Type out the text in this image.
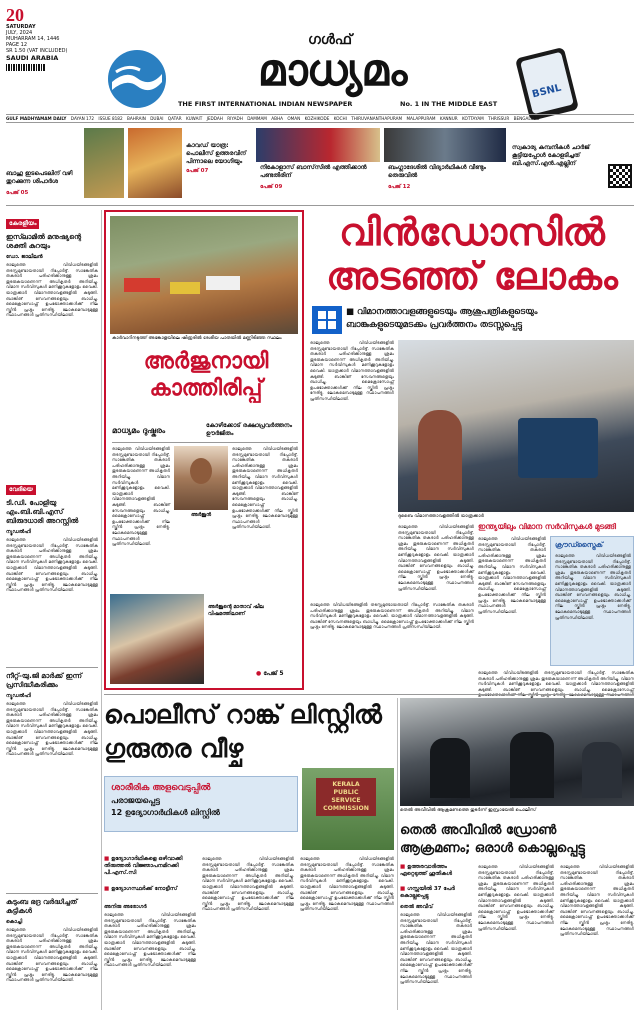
20
SATURDAY
JULY, 2024
MUHARRAM 14, 1446
PAGE 12
SR 1.50 (VAT INCLUDED)
SAUDI ARABIA
ഗൾഫ്
മാധ്യമം
THE FIRST INTERNATIONAL INDIAN NEWSPAPER	No. 1 IN THE MIDDLE EAST
BSNL
GULF MADHYAMAM DAILY DAYAN 172 ISSUE 8182 BAHRAIN DUBAI QATAR KUWAIT JEDDAH RIYADH DAMMAM ABHA OMAN KOZHIKODE KOCHI THIRUVANANTHAPURAM MALAPPURAM KANNUR KOTTAYAM THRISSUR BENGALURU
ബാഹു ഇടപെടലിന് വഴി തുറക്കുന്ന ശിപാർശ
പേജ് 05
കാവഡ് യാത്ര: പൊലീസ് ഉത്തരവിന് പിന്നാലെ യോഗിയും
പേജ് 07	നികോളാസ് ബാസ്‌സിൽ എത്തിക്കാൻ പണ്ടതിരിന്
പേജ് 09
ബംഗ്ലാദേശിൽ വിദ്യാർഥികൾ വീണ്ടും തെരുവിൽ
പേജ് 12
സ്വകാര്യ കമ്പനികൾ ചാർജ് കൂട്ടിയപ്പോൾ കോളടിച്ചത് ബി.എസ്.എൻ.എല്ലിന്
കേരളീയം
ഇസ്‍ലാമിൽ മനുഷ്യന്റെ ശക്തി കുറയും
ഡോ. ജാലീലൻ
രാജ്യത്തെ വിവിധയിടങ്ങളിൽ തടസ്സമുണ്ടായതായി റിപ്പോർട്ട്. സാങ്കേതിക തകരാർ പരിഹരിക്കാനുള്ള ശ്രമം തുടരുകയാണെന്ന് അധികൃതർ അറിയിച്ചു. വിമാന സർവിസുകൾ മണിക്കൂറുകളോളം വൈകി. യാത്രക്കാർ വിമാനത്താവളങ്ങളിൽ കുടുങ്ങി. ബാങ്കിങ് സേവനങ്ങളെയും ബാധിച്ചു. മൈക്രോസോഫ്റ്റ് ഉപഭോക്താക്കൾക്ക് നീല സ്ക്രീൻ പ്രശ്നം നേരിട്ടു. ലോകമെമ്പാടുമുള്ള സ്ഥാപനങ്ങൾ പ്രതിസന്ധിയിലായി.
വേദിയെ
ടി.ഡി. പോളിയു എം.ബി.ബി.എസ് ബിരുദധാരി അറസ്റ്റിൽ
ന്യൂഡൽഹി
രാജ്യത്തെ വിവിധയിടങ്ങളിൽ തടസ്സമുണ്ടായതായി റിപ്പോർട്ട്. സാങ്കേതിക തകരാർ പരിഹരിക്കാനുള്ള ശ്രമം തുടരുകയാണെന്ന് അധികൃതർ അറിയിച്ചു. വിമാന സർവിസുകൾ മണിക്കൂറുകളോളം വൈകി. യാത്രക്കാർ വിമാനത്താവളങ്ങളിൽ കുടുങ്ങി. ബാങ്കിങ് സേവനങ്ങളെയും ബാധിച്ചു. മൈക്രോസോഫ്റ്റ് ഉപഭോക്താക്കൾക്ക് നീല സ്ക്രീൻ പ്രശ്നം നേരിട്ടു. ലോകമെമ്പാടുമുള്ള സ്ഥാപനങ്ങൾ പ്രതിസന്ധിയിലായി.
നീറ്റ്-യു.ജി മാർക്ക് ഇന്ന് പ്രസിദ്ധീകരിക്കും
ന്യൂഡൽഹി
രാജ്യത്തെ വിവിധയിടങ്ങളിൽ തടസ്സമുണ്ടായതായി റിപ്പോർട്ട്. സാങ്കേതിക തകരാർ പരിഹരിക്കാനുള്ള ശ്രമം തുടരുകയാണെന്ന് അധികൃതർ അറിയിച്ചു. വിമാന സർവിസുകൾ മണിക്കൂറുകളോളം വൈകി. യാത്രക്കാർ വിമാനത്താവളങ്ങളിൽ കുടുങ്ങി. ബാങ്കിങ് സേവനങ്ങളെയും ബാധിച്ചു. മൈക്രോസോഫ്റ്റ് ഉപഭോക്താക്കൾക്ക് നീല സ്ക്രീൻ പ്രശ്നം നേരിട്ടു. ലോകമെമ്പാടുമുള്ള സ്ഥാപനങ്ങൾ പ്രതിസന്ധിയിലായി.
കുടുംബ ഭദ്ര വർദ്ധിച്ചത് കുട്ടികൾ
കൊച്ചി
രാജ്യത്തെ വിവിധയിടങ്ങളിൽ തടസ്സമുണ്ടായതായി റിപ്പോർട്ട്. സാങ്കേതിക തകരാർ പരിഹരിക്കാനുള്ള ശ്രമം തുടരുകയാണെന്ന് അധികൃതർ അറിയിച്ചു. വിമാന സർവിസുകൾ മണിക്കൂറുകളോളം വൈകി. യാത്രക്കാർ വിമാനത്താവളങ്ങളിൽ കുടുങ്ങി. ബാങ്കിങ് സേവനങ്ങളെയും ബാധിച്ചു. മൈക്രോസോഫ്റ്റ് ഉപഭോക്താക്കൾക്ക് നീല സ്ക്രീൻ പ്രശ്നം നേരിട്ടു. ലോകമെമ്പാടുമുള്ള സ്ഥാപനങ്ങൾ പ്രതിസന്ധിയിലായി.
കാർവാറിനടുത്ത് അങ്കോളയിലെ ഷിരൂരിൽ ദേശീയ പാതയിൽ മണ്ണിടിഞ്ഞ സ്ഥലം
അർജുനായി കാത്തിരിപ്പ്
മാധ്യമം ദുഷ്കരം
കോഴിക്കോട് രക്ഷാപ്രവർത്തനം ഊർജിതം
രാജ്യത്തെ വിവിധയിടങ്ങളിൽ തടസ്സമുണ്ടായതായി റിപ്പോർട്ട്. സാങ്കേതിക തകരാർ പരിഹരിക്കാനുള്ള ശ്രമം തുടരുകയാണെന്ന് അധികൃതർ അറിയിച്ചു. വിമാന സർവിസുകൾ മണിക്കൂറുകളോളം വൈകി. യാത്രക്കാർ വിമാനത്താവളങ്ങളിൽ കുടുങ്ങി. ബാങ്കിങ് സേവനങ്ങളെയും ബാധിച്ചു. മൈക്രോസോഫ്റ്റ് ഉപഭോക്താക്കൾക്ക് നീല സ്ക്രീൻ പ്രശ്നം നേരിട്ടു. ലോകമെമ്പാടുമുള്ള സ്ഥാപനങ്ങൾ പ്രതിസന്ധിയിലായി.
അർജുൻ
രാജ്യത്തെ വിവിധയിടങ്ങളിൽ തടസ്സമുണ്ടായതായി റിപ്പോർട്ട്. സാങ്കേതിക തകരാർ പരിഹരിക്കാനുള്ള ശ്രമം തുടരുകയാണെന്ന് അധികൃതർ അറിയിച്ചു. വിമാന സർവിസുകൾ മണിക്കൂറുകളോളം വൈകി. യാത്രക്കാർ വിമാനത്താവളങ്ങളിൽ കുടുങ്ങി. ബാങ്കിങ് സേവനങ്ങളെയും ബാധിച്ചു. മൈക്രോസോഫ്റ്റ് ഉപഭോക്താക്കൾക്ക് നീല സ്ക്രീൻ പ്രശ്നം നേരിട്ടു. ലോകമെമ്പാടുമുള്ള സ്ഥാപനങ്ങൾ പ്രതിസന്ധിയിലായി.
അർജുന്റെ മാതാവ് ഷീല വിഷമത്തിലാണ്
● പേജ് 5
വിൻഡോസിൽ
അടഞ്ഞ് ലോകം
■ വിമാനത്താവളങ്ങളുടെയും ആശുപത്രികളുടെയും
ബാങ്കുകളുടെയുമടക്കം പ്രവർത്തനം തടസ്സപ്പെട്ടു
രാജ്യത്തെ വിവിധയിടങ്ങളിൽ തടസ്സമുണ്ടായതായി റിപ്പോർട്ട്. സാങ്കേതിക തകരാർ പരിഹരിക്കാനുള്ള ശ്രമം തുടരുകയാണെന്ന് അധികൃതർ അറിയിച്ചു. വിമാന സർവിസുകൾ മണിക്കൂറുകളോളം വൈകി. യാത്രക്കാർ വിമാനത്താവളങ്ങളിൽ കുടുങ്ങി. ബാങ്കിങ് സേവനങ്ങളെയും ബാധിച്ചു. മൈക്രോസോഫ്റ്റ് ഉപഭോക്താക്കൾക്ക് നീല സ്ക്രീൻ പ്രശ്നം നേരിട്ടു. ലോകമെമ്പാടുമുള്ള സ്ഥാപനങ്ങൾ പ്രതിസന്ധിയിലായി.
ദുബൈ വിമാനത്താവളത്തിൽ യാത്രക്കാർ
രാജ്യത്തെ വിവിധയിടങ്ങളിൽ തടസ്സമുണ്ടായതായി റിപ്പോർട്ട്. സാങ്കേതിക തകരാർ പരിഹരിക്കാനുള്ള ശ്രമം തുടരുകയാണെന്ന് അധികൃതർ അറിയിച്ചു. വിമാന സർവിസുകൾ മണിക്കൂറുകളോളം വൈകി. യാത്രക്കാർ വിമാനത്താവളങ്ങളിൽ കുടുങ്ങി. ബാങ്കിങ് സേവനങ്ങളെയും ബാധിച്ചു. മൈക്രോസോഫ്റ്റ് ഉപഭോക്താക്കൾക്ക് നീല സ്ക്രീൻ പ്രശ്നം നേരിട്ടു. ലോകമെമ്പാടുമുള്ള സ്ഥാപനങ്ങൾ പ്രതിസന്ധിയിലായി.
ഇന്ത്യയിലും വിമാന സർവിസുകൾ മുടങ്ങി
രാജ്യത്തെ വിവിധയിടങ്ങളിൽ തടസ്സമുണ്ടായതായി റിപ്പോർട്ട്. സാങ്കേതിക തകരാർ പരിഹരിക്കാനുള്ള ശ്രമം തുടരുകയാണെന്ന് അധികൃതർ അറിയിച്ചു. വിമാന സർവിസുകൾ മണിക്കൂറുകളോളം വൈകി. യാത്രക്കാർ വിമാനത്താവളങ്ങളിൽ കുടുങ്ങി. ബാങ്കിങ് സേവനങ്ങളെയും ബാധിച്ചു. മൈക്രോസോഫ്റ്റ് ഉപഭോക്താക്കൾക്ക് നീല സ്ക്രീൻ പ്രശ്നം നേരിട്ടു. ലോകമെമ്പാടുമുള്ള സ്ഥാപനങ്ങൾ പ്രതിസന്ധിയിലായി.
ക്രൗഡ്സ്ട്രൈക്
രാജ്യത്തെ വിവിധയിടങ്ങളിൽ തടസ്സമുണ്ടായതായി റിപ്പോർട്ട്. സാങ്കേതിക തകരാർ പരിഹരിക്കാനുള്ള ശ്രമം തുടരുകയാണെന്ന് അധികൃതർ അറിയിച്ചു. വിമാന സർവിസുകൾ മണിക്കൂറുകളോളം വൈകി. യാത്രക്കാർ വിമാനത്താവളങ്ങളിൽ കുടുങ്ങി. ബാങ്കിങ് സേവനങ്ങളെയും ബാധിച്ചു. മൈക്രോസോഫ്റ്റ് ഉപഭോക്താക്കൾക്ക് നീല സ്ക്രീൻ പ്രശ്നം നേരിട്ടു. ലോകമെമ്പാടുമുള്ള സ്ഥാപനങ്ങൾ പ്രതിസന്ധിയിലായി.
രാജ്യത്തെ വിവിധയിടങ്ങളിൽ തടസ്സമുണ്ടായതായി റിപ്പോർട്ട്. സാങ്കേതിക തകരാർ പരിഹരിക്കാനുള്ള ശ്രമം തുടരുകയാണെന്ന് അധികൃതർ അറിയിച്ചു. വിമാന സർവിസുകൾ മണിക്കൂറുകളോളം വൈകി. യാത്രക്കാർ വിമാനത്താവളങ്ങളിൽ കുടുങ്ങി. ബാങ്കിങ് സേവനങ്ങളെയും ബാധിച്ചു. മൈക്രോസോഫ്റ്റ് ഉപഭോക്താക്കൾക്ക് നീല സ്ക്രീൻ പ്രശ്നം നേരിട്ടു. ലോകമെമ്പാടുമുള്ള സ്ഥാപനങ്ങൾ പ്രതിസന്ധിയിലായി.
രാജ്യത്തെ വിവിധയിടങ്ങളിൽ തടസ്സമുണ്ടായതായി റിപ്പോർട്ട്. സാങ്കേതിക തകരാർ പരിഹരിക്കാനുള്ള ശ്രമം തുടരുകയാണെന്ന് അധികൃതർ അറിയിച്ചു. വിമാന സർവിസുകൾ മണിക്കൂറുകളോളം വൈകി. യാത്രക്കാർ വിമാനത്താവളങ്ങളിൽ കുടുങ്ങി. ബാങ്കിങ് സേവനങ്ങളെയും ബാധിച്ചു. മൈക്രോസോഫ്റ്റ്
പൊലീസ് റാങ്ക് ലിസ്റ്റിൽ
ഗുരുതര വീഴ്ച
ശാരീരിക അളവെടുപ്പിൽ
പരാജയപ്പെട്ട
12 ഉദ്യോഗാർഥികൾ ലിസ്റ്റിൽ
KERALA PUBLIC SERVICE COMMISSION
■ ഉദ്യോഗാർഥികളെ ഒഴിവാക്കി തിരുത്തൽ വിജ്ഞാപനമിറക്കി പി.എസ്.സി
■ ഉദ്യോഗസ്ഥർക്ക് നോട്ടീസ്
അനിരു അരോഗർ
രാജ്യത്തെ വിവിധയിടങ്ങളിൽ തടസ്സമുണ്ടായതായി റിപ്പോർട്ട്. സാങ്കേതിക തകരാർ പരിഹരിക്കാനുള്ള ശ്രമം തുടരുകയാണെന്ന് അധികൃതർ അറിയിച്ചു. വിമാന സർവിസുകൾ മണിക്കൂറുകളോളം വൈകി. യാത്രക്കാർ വിമാനത്താവളങ്ങളിൽ കുടുങ്ങി. ബാങ്കിങ് സേവനങ്ങളെയും ബാധിച്ചു. മൈക്രോസോഫ്റ്റ് ഉപഭോക്താക്കൾക്ക് നീല സ്ക്രീൻ പ്രശ്നം നേരിട്ടു. ലോകമെമ്പാടുമുള്ള സ്ഥാപനങ്ങൾ പ്രതിസന്ധിയിലായി.
രാജ്യത്തെ വിവിധയിടങ്ങളിൽ തടസ്സമുണ്ടായതായി റിപ്പോർട്ട്. സാങ്കേതിക തകരാർ പരിഹരിക്കാനുള്ള ശ്രമം തുടരുകയാണെന്ന് അധികൃതർ അറിയിച്ചു. വിമാന സർവിസുകൾ മണിക്കൂറുകളോളം വൈകി. യാത്രക്കാർ വിമാനത്താവളങ്ങളിൽ കുടുങ്ങി. ബാങ്കിങ് സേവനങ്ങളെയും ബാധിച്ചു. മൈക്രോസോഫ്റ്റ് ഉപഭോക്താക്കൾക്ക് നീല സ്ക്രീൻ പ്രശ്നം നേരിട്ടു. ലോകമെമ്പാടുമുള്ള സ്ഥാപനങ്ങൾ പ്രതിസന്ധിയിലായി.
രാജ്യത്തെ വിവിധയിടങ്ങളിൽ തടസ്സമുണ്ടായതായി റിപ്പോർട്ട്. സാങ്കേതിക തകരാർ പരിഹരിക്കാനുള്ള ശ്രമം തുടരുകയാണെന്ന് അധികൃതർ അറിയിച്ചു. വിമാന സർവിസുകൾ മണിക്കൂറുകളോളം വൈകി. യാത്രക്കാർ വിമാനത്താവളങ്ങളിൽ കുടുങ്ങി. ബാങ്കിങ് സേവനങ്ങളെയും ബാധിച്ചു. മൈക്രോസോഫ്റ്റ് ഉപഭോക്താക്കൾക്ക് നീല സ്ക്രീൻ പ്രശ്നം നേരിട്ടു. ലോകമെമ്പാടുമുള്ള സ്ഥാപനങ്ങൾ പ്രതിസന്ധിയിലായി.
തെൽ അവീവിൽ ആക്രമണത്തെ തുടർന്ന് ഇസ്രായേൽ പൊലീസ്
തെൽ അവീവിൽ ഡ്രോൺ
ആക്രമണം; ഒരാൾ കൊല്ലപ്പെട്ടു
■ ഉത്തരവാദിത്തം ഏറ്റെടുത്ത് ഹൂതികൾ
■ ഗസ്സയിൽ 37 പേർ കൊല്ലപ്പെട്ടു
തെൽ അവീവ്
രാജ്യത്തെ വിവിധയിടങ്ങളിൽ തടസ്സമുണ്ടായതായി റിപ്പോർട്ട്. സാങ്കേതിക തകരാർ പരിഹരിക്കാനുള്ള ശ്രമം തുടരുകയാണെന്ന് അധികൃതർ അറിയിച്ചു. വിമാന സർവിസുകൾ മണിക്കൂറുകളോളം വൈകി. യാത്രക്കാർ വിമാനത്താവളങ്ങളിൽ കുടുങ്ങി. ബാങ്കിങ് സേവനങ്ങളെയും ബാധിച്ചു. മൈക്രോസോഫ്റ്റ് ഉപഭോക്താക്കൾക്ക് നീല സ്ക്രീൻ പ്രശ്നം നേരിട്ടു. ലോകമെമ്പാടുമുള്ള സ്ഥാപനങ്ങൾ പ്രതിസന്ധിയിലായി.
രാജ്യത്തെ വിവിധയിടങ്ങളിൽ തടസ്സമുണ്ടായതായി റിപ്പോർട്ട്. സാങ്കേതിക തകരാർ പരിഹരിക്കാനുള്ള ശ്രമം തുടരുകയാണെന്ന് അധികൃതർ അറിയിച്ചു. വിമാന സർവിസുകൾ മണിക്കൂറുകളോളം വൈകി. യാത്രക്കാർ വിമാനത്താവളങ്ങളിൽ കുടുങ്ങി. ബാങ്കിങ് സേവനങ്ങളെയും ബാധിച്ചു. മൈക്രോസോഫ്റ്റ് ഉപഭോക്താക്കൾക്ക് നീല സ്ക്രീൻ പ്രശ്നം നേരിട്ടു. ലോകമെമ്പാടുമുള്ള സ്ഥാപനങ്ങൾ പ്രതിസന്ധിയിലായി.
രാജ്യത്തെ വിവിധയിടങ്ങളിൽ തടസ്സമുണ്ടായതായി റിപ്പോർട്ട്. സാങ്കേതിക തകരാർ പരിഹരിക്കാനുള്ള ശ്രമം തുടരുകയാണെന്ന് അധികൃതർ അറിയിച്ചു. വിമാന സർവിസുകൾ മണിക്കൂറുകളോളം വൈകി. യാത്രക്കാർ വിമാനത്താവളങ്ങളിൽ കുടുങ്ങി. ബാങ്കിങ് സേവനങ്ങളെയും ബാധിച്ചു. മൈക്രോസോഫ്റ്റ് ഉപഭോക്താക്കൾക്ക് നീല സ്ക്രീൻ പ്രശ്നം നേരിട്ടു. ലോകമെമ്പാടുമുള്ള സ്ഥാപനങ്ങൾ പ്രതിസന്ധിയിലായി.
